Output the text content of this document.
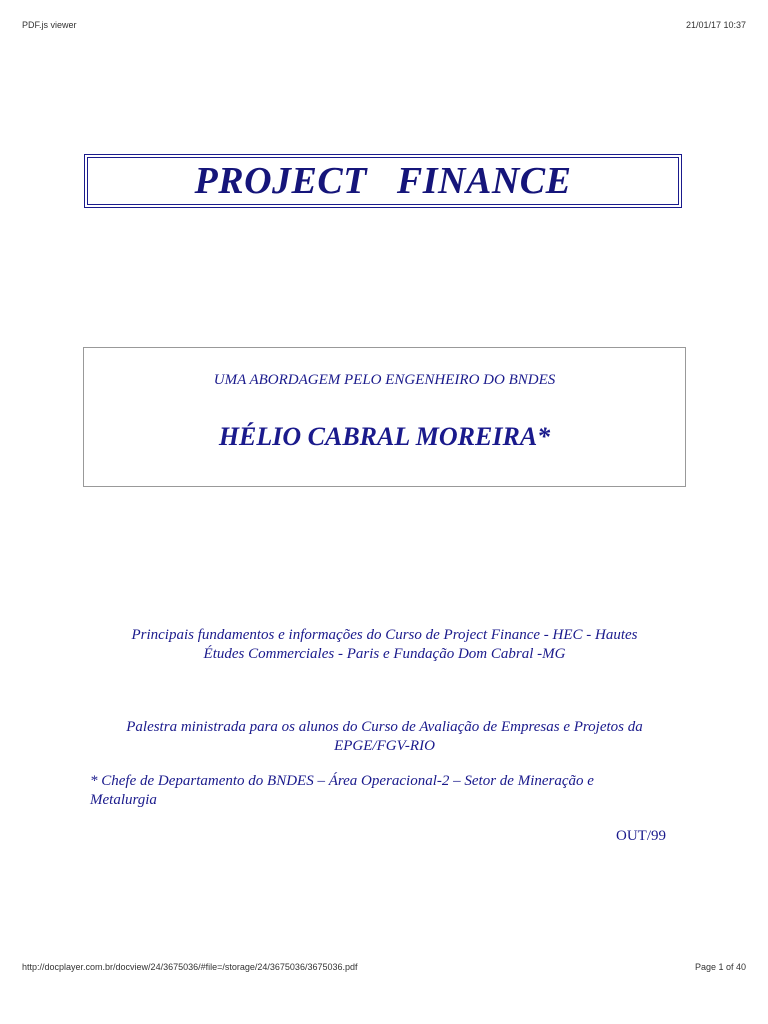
PDF.js viewer	21/01/17 10:37
PROJECT   FINANCE
UMA ABORDAGEM PELO ENGENHEIRO DO BNDES
HÉLIO CABRAL MOREIRA*
Principais fundamentos e informações do Curso de Project Finance - HEC - Hautes
Études Commerciales - Paris e Fundação Dom Cabral -MG
Palestra ministrada para os alunos do Curso de Avaliação de Empresas e Projetos da
EPGE/FGV-RIO
* Chefe de Departamento do BNDES – Área Operacional-2 – Setor de Mineração e
Metalurgia
OUT/99
http://docplayer.com.br/docview/24/3675036/#file=/storage/24/3675036/3675036.pdf	Page 1 of 40
